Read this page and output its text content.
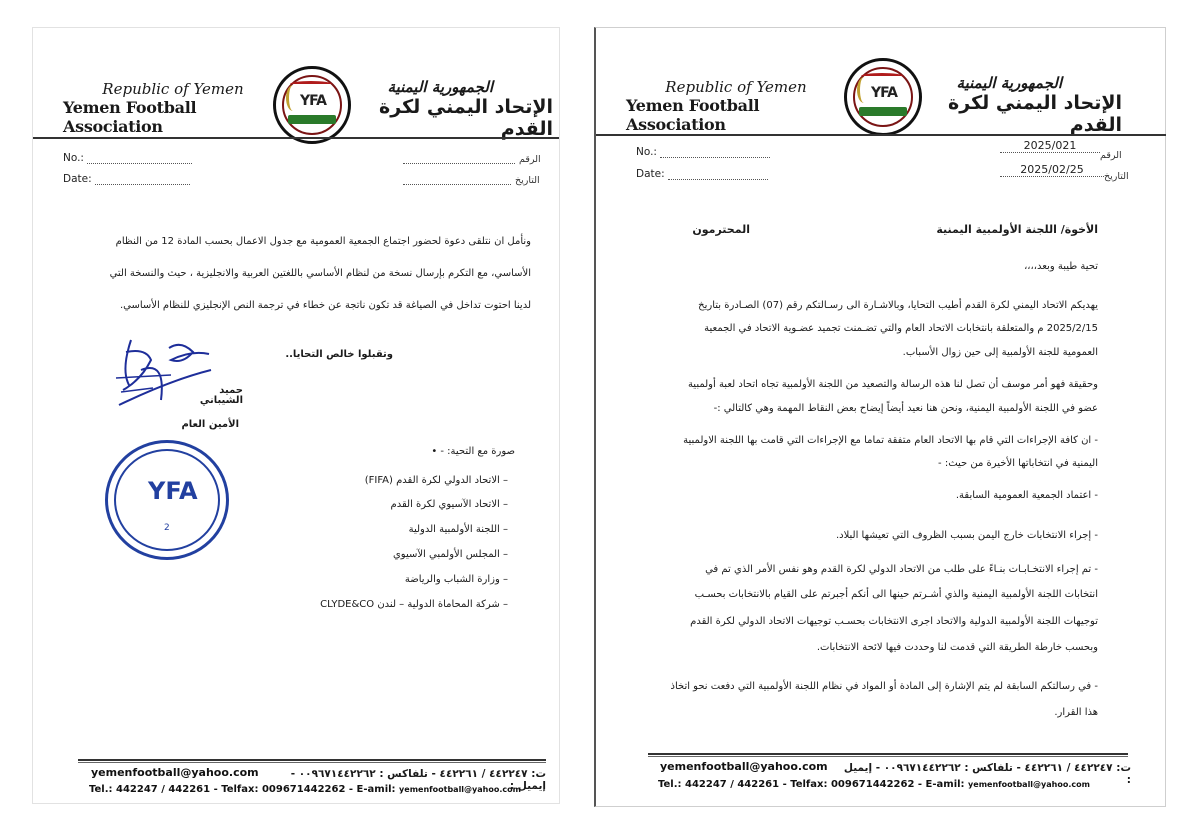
Republic of Yemen
Yemen Football Association
YFA
الجمهورية اليمنية
الإتحاد اليمني لكرة القدم
No.:
Date:
الرقم
التاريخ
ونأمل ان نتلقى دعوة لحضور اجتماع الجمعية العمومية مع جدول الاعمال بحسب المادة 12 من النظام
الأساسي، مع التكرم بإرسال نسخة من لنظام الأساسي باللغتين العربية والانجليزية ، حيث والنسخة التي
لدينا احتوت تداخل في الصياغة قد تكون ناتجة عن خطاء في ترجمة النص الإنجليزي للنظام الأساسي.
وتقبلوا خالص التحايا..
حميد الشيباني
الأمين العام
YFA
2
صورة مع التحية: - •
– الاتحاد الدولي لكرة القدم (FIFA)
– الاتحاد الآسيوي لكرة القدم
– اللجنة الأولمبية الدولية
– المجلس الأولمبي الآسيوي
– وزارة الشباب والرياضة
– شركة المحاماة الدولية – لندن CLYDE&CO
ت: ٤٤٢٢٤٧ / ٤٤٢٢٦١ - تلفاكس : ٠٠٩٦٧١٤٤٢٢٦٢ - إيميل :
yemenfootball@yahoo.com
Tel.: 442247 / 442261 - Telfax: 009671442262 - E-amil: yemenfootball@yahoo.com
Republic of Yemen
Yemen Football Association
YFA
الجمهورية اليمنية
الإتحاد اليمني لكرة القدم
No.:
Date:
2025/021
الرقم
2025/02/25
التاريخ
الأخوة/ اللجنة الأولمبية اليمنية
المحترمون
تحية طيبة وبعد،،،،
يهديكم الاتحاد اليمني لكرة القدم أطيب التحايا، وبالاشـارة الى رسـالتكم رقم (07) الصـادرة بتاريخ
2025/2/15 م والمتعلقة بانتخابات الاتحاد العام والتي تضـمنت تجميد عضـوية الاتحاد في الجمعية
العمومية للجنة الأولمبية إلى حين زوال الأسباب.
وحقيقة فهو أمر موسف أن تصل لنا هذه الرسالة والتصعيد من اللجنة الأولمبية تجاه اتحاد لعبة أولمبية
عضو في اللجنة الأولمبية اليمنية، ونحن هنا نعيد أيضاً إيضاح بعض النقاط المهمة وهي كالتالي :-
- ان كافة الإجراءات التي قام بها الاتحاد العام متفقة تماما مع الإجراءات التي قامت بها اللجنة الاولمبية
اليمنية في انتخاباتها الأخيرة من حيث: -
- اعتماد الجمعية العمومية السابقة.
- إجراء الانتخابات خارج اليمن بسبب الظروف التي تعيشها البلاد.
- تم إجراء الانتخـابـات بنـاءً على طلب من الاتحاد الدولي لكرة القدم وهو نفس الأمر الذي تم في
انتخابات اللجنة الأولمبية اليمنية والذي أشـرتم حينها الى أنكم أجبرتم على القيام بالانتخابات بحسـب
توجيهات اللجنة الأولمبية الدولية والاتحاد اجرى الانتخابات بحسـب توجيهات الاتحاد الدولي لكرة القدم
وبحسب خارطة الطريقة التي قدمت لنا وحددت فيها لائحة الانتخابات.
- في رسالتكم السابقة لم يتم الإشارة إلى المادة أو المواد في نظام اللجنة الأولمبية التي دفعت نحو اتخاذ
هذا القرار.
ت: ٤٤٢٢٤٧ / ٤٤٢٢٦١ - تلفاكس : ٠٠٩٦٧١٤٤٢٢٦٢ - إيميل :
yemenfootball@yahoo.com
Tel.: 442247 / 442261 - Telfax: 009671442262 - E-amil: yemenfootball@yahoo.com
